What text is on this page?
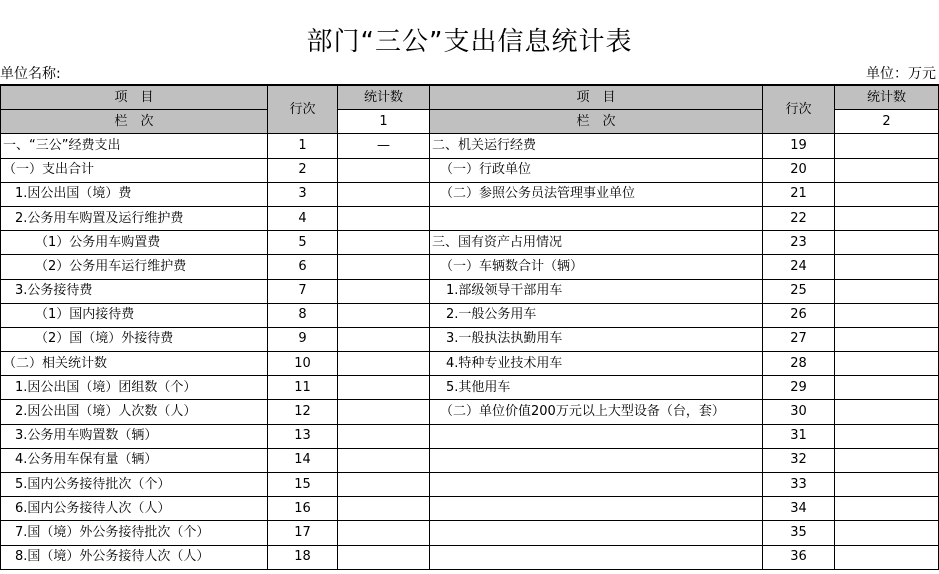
部门“三公”支出信息统计表
单位名称:	单位：万元
项　目	行次	统计数	项　目	行次	统计数
栏　次		1	栏　次		2
一、“三公”经费支出	1	—	二、机关运行经费	19	
（一）支出合计	2		（一）行政单位	20	
1.因公出国（境）费	3		（二）参照公务员法管理事业单位	21	
2.公务用车购置及运行维护费	4			22	
（1）公务用车购置费	5		三、国有资产占用情况	23	
（2）公务用车运行维护费	6		（一）车辆数合计（辆）	24	
3.公务接待费	7		1.部级领导干部用车	25	
（1）国内接待费	8		2.一般公务用车	26	
（2）国（境）外接待费	9		3.一般执法执勤用车	27	
（二）相关统计数	10		4.特种专业技术用车	28	
1.因公出国（境）团组数（个）	11		5.其他用车	29	
2.因公出国（境）人次数（人）	12		（二）单位价值200万元以上大型设备（台，套）	30	
3.公务用车购置数（辆）	13			31	
4.公务用车保有量（辆）	14			32	
5.国内公务接待批次（个）	15			33	
6.国内公务接待人次（人）	16			34	
7.国（境）外公务接待批次（个）	17			35	
8.国（境）外公务接待人次（人）	18			36	
